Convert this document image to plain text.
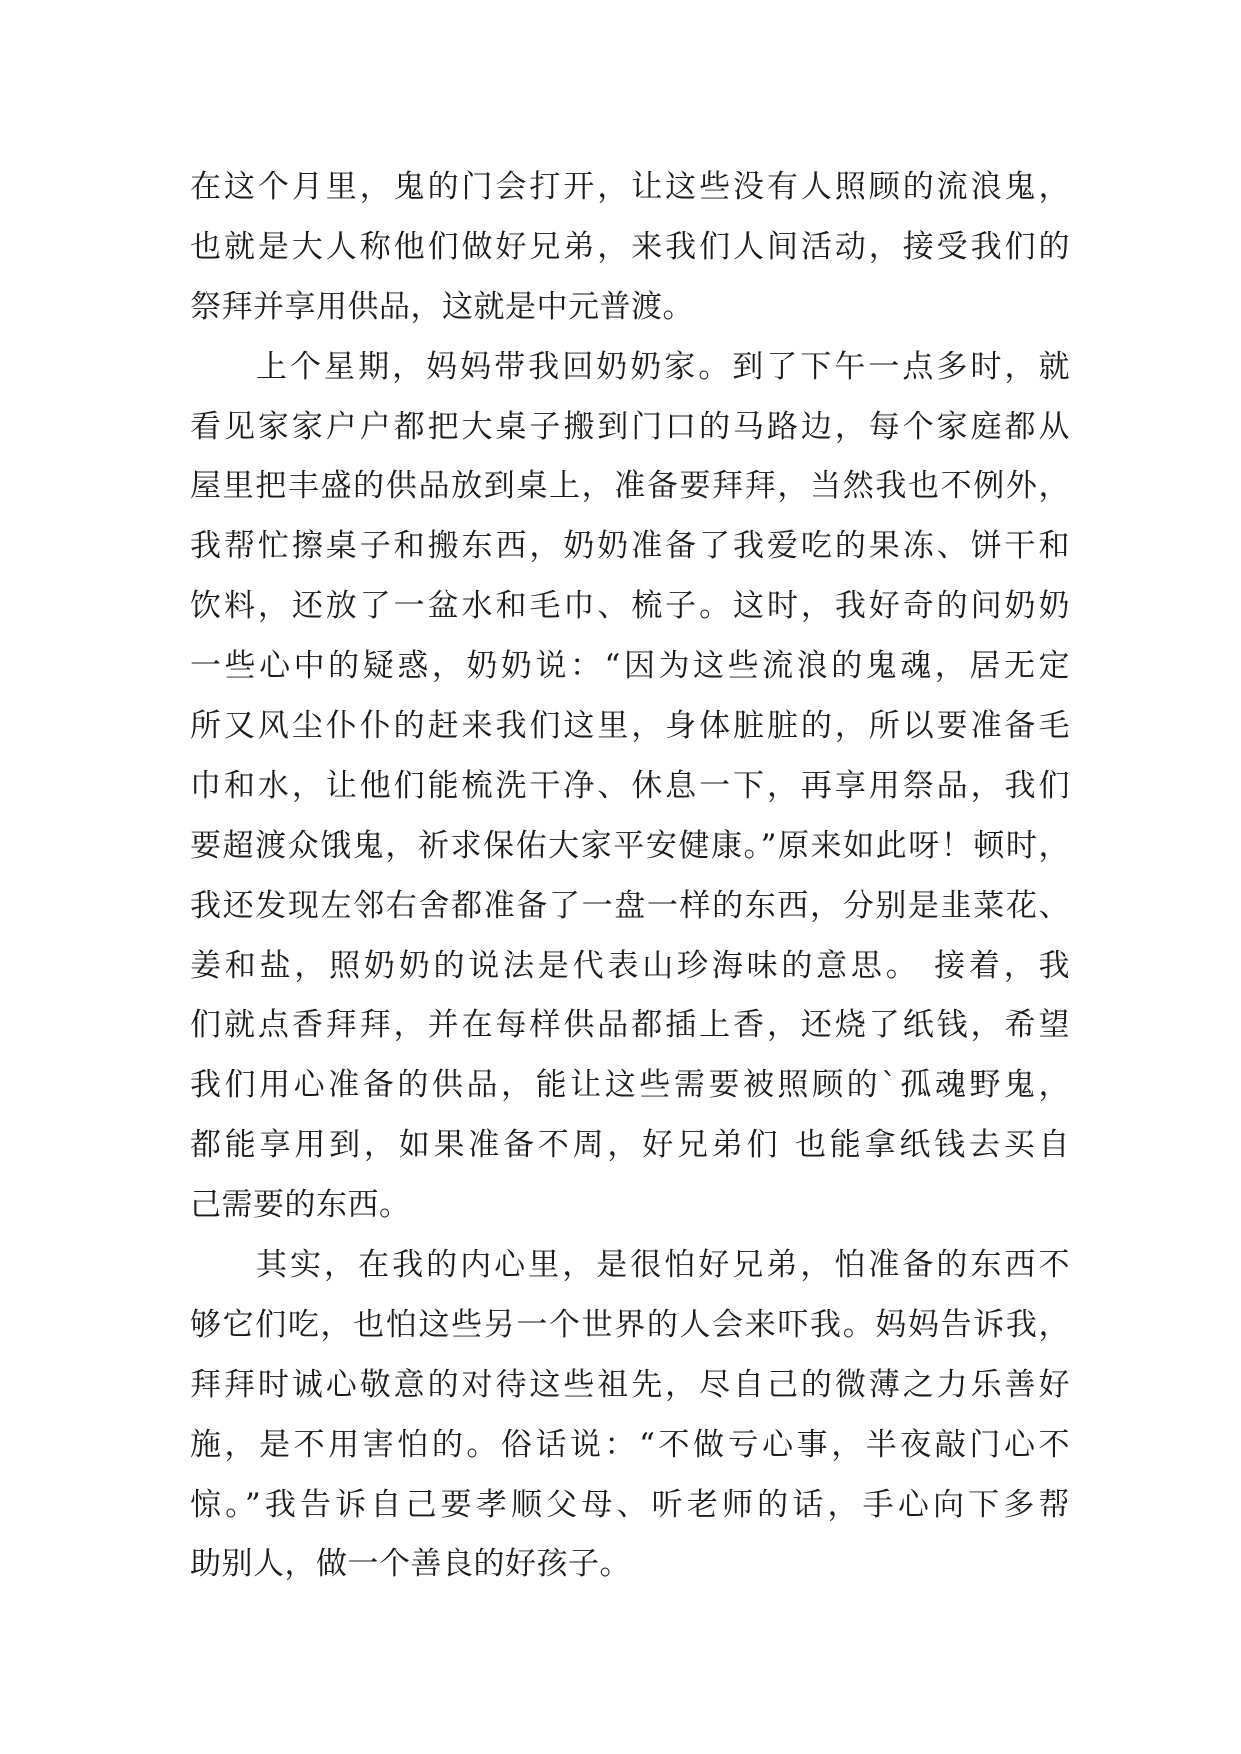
在这个月里，鬼的门会打开，让这些没有人照顾的流浪鬼，
也就是大人称他们做好兄弟，来我们人间活动，接受我们的
祭拜并享用供品，这就是中元普渡。
上个星期，妈妈带我回奶奶家。到了下午一点多时，就
看见家家户户都把大桌子搬到门口的马路边，每个家庭都从
屋里把丰盛的供品放到桌上，准备要拜拜，当然我也不例外，
我帮忙擦桌子和搬东西，奶奶准备了我爱吃的果冻、饼干和
饮料，还放了一盆水和毛巾、梳子。这时，我好奇的问奶奶
一些心中的疑惑，奶奶说：“因为这些流浪的鬼魂，居无定
所又风尘仆仆的赶来我们这里，身体脏脏的，所以要准备毛
巾和水，让他们能梳洗干净、休息一下，再享用祭品，我们
要超渡众饿鬼，祈求保佑大家平安健康。”原来如此呀！顿时，
我还发现左邻右舍都准备了一盘一样的东西，分别是韭菜花、
姜和盐，照奶奶的说法是代表山珍海味的意思。 接着，我
们就点香拜拜，并在每样供品都插上香，还烧了纸钱，希望
我们用心准备的供品，能让这些需要被照顾的`孤魂野鬼，
都能享用到，如果准备不周，好兄弟们 也能拿纸钱去买自
己需要的东西。
其实，在我的内心里，是很怕好兄弟，怕准备的东西不
够它们吃，也怕这些另一个世界的人会来吓我。妈妈告诉我，
拜拜时诚心敬意的对待这些祖先，尽自己的微薄之力乐善好
施，是不用害怕的。俗话说：“不做亏心事，半夜敲门心不
惊。”我告诉自己要孝顺父母、听老师的话，手心向下多帮
助别人，做一个善良的好孩子。
